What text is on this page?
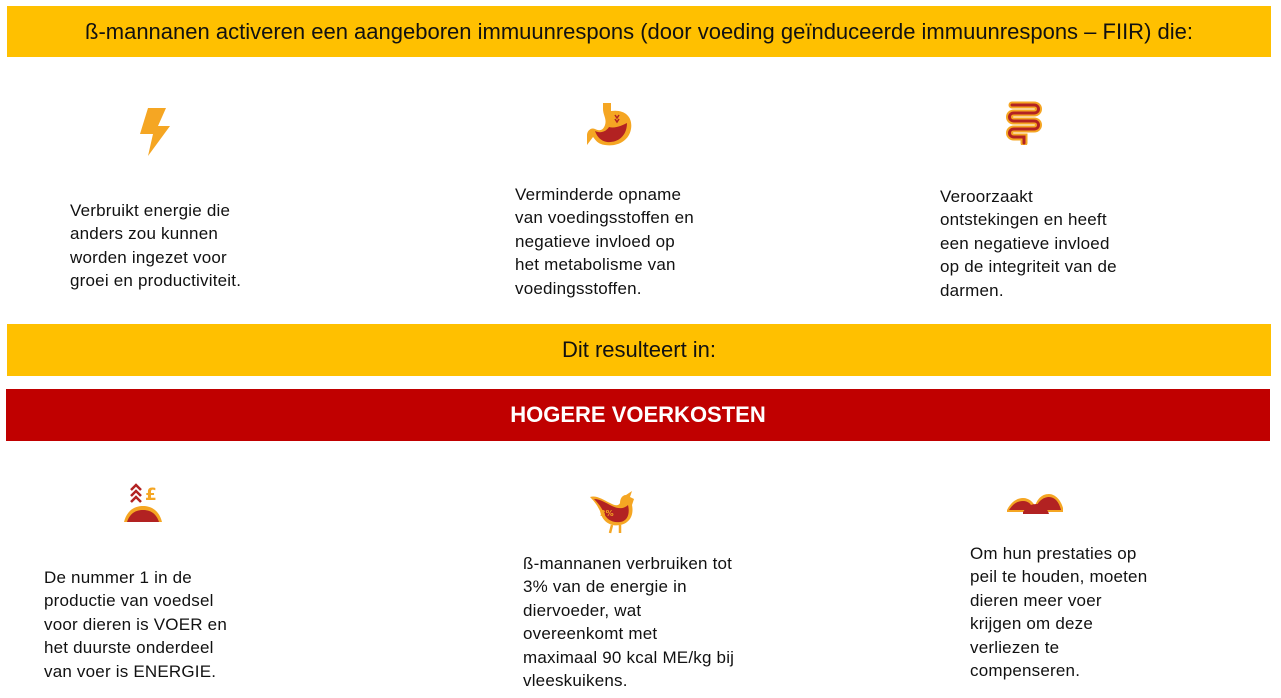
ß-mannanen activeren een aangeboren immuunrespons (door voeding geïnduceerde immuunrespons – FIIR) die:
Verbruikt energie die
anders zou kunnen
worden ingezet voor
groei en productiviteit.
Verminderde opname
van voedingsstoffen en
negatieve invloed op
het metabolisme van
voedingsstoffen.
Veroorzaakt
ontstekingen en heeft
een negatieve invloed
op de integriteit van de
darmen.
Dit resulteert in:
HOGERE VOERKOSTEN
£
De nummer 1 in de
productie van voedsel
voor dieren is VOER en
het duurste onderdeel
van voer is ENERGIE.
3%
ß-mannanen verbruiken tot
3% van de energie in
diervoeder, wat
overeenkomt met
maximaal 90 kcal ME/kg bij
vleeskuikens.
Om hun prestaties op
peil te houden, moeten
dieren meer voer
krijgen om deze
verliezen te
compenseren.
